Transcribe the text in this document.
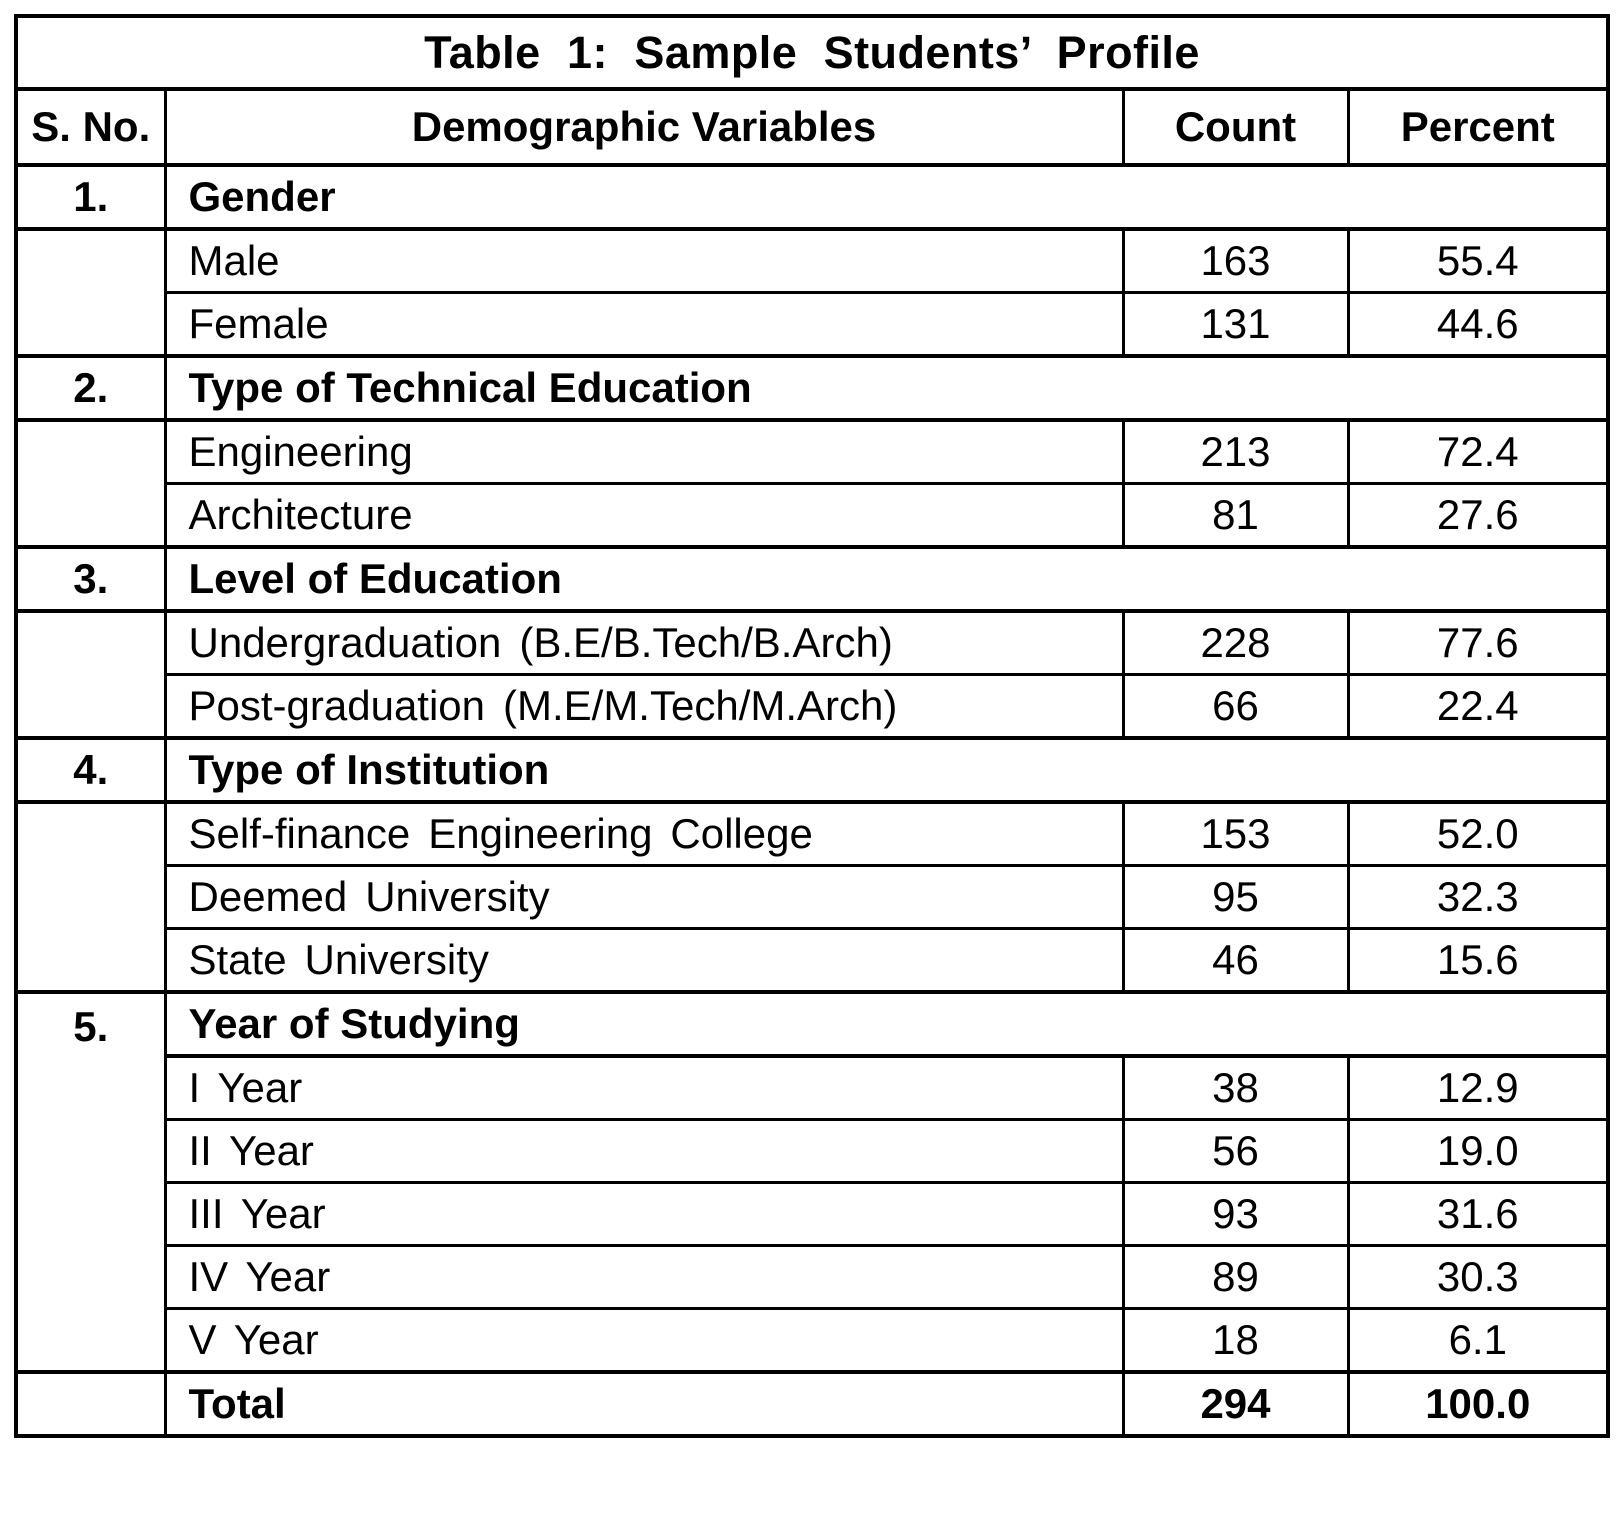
Table 1: Sample Students’ Profile			
S. No.	Demographic Variables	Count	Percent
1.	Gender		
	Male	163	55.4
	Female	131	44.6
2.	Type of Technical Education		
	Engineering	213	72.4
	Architecture	81	27.6
3.	Level of Education		
	Undergraduation (B.E/B.Tech/B.Arch)	228	77.6
	Post-graduation (M.E/M.Tech/M.Arch)	66	22.4
4.	Type of Institution		
	Self-finance Engineering College	153	52.0
	Deemed University	95	32.3
	State University	46	15.6
5.	Year of Studying		
	I Year	38	12.9
	II Year	56	19.0
	III Year	93	31.6
	IV Year	89	30.3
	V Year	18	6.1
	Total	294	100.0
